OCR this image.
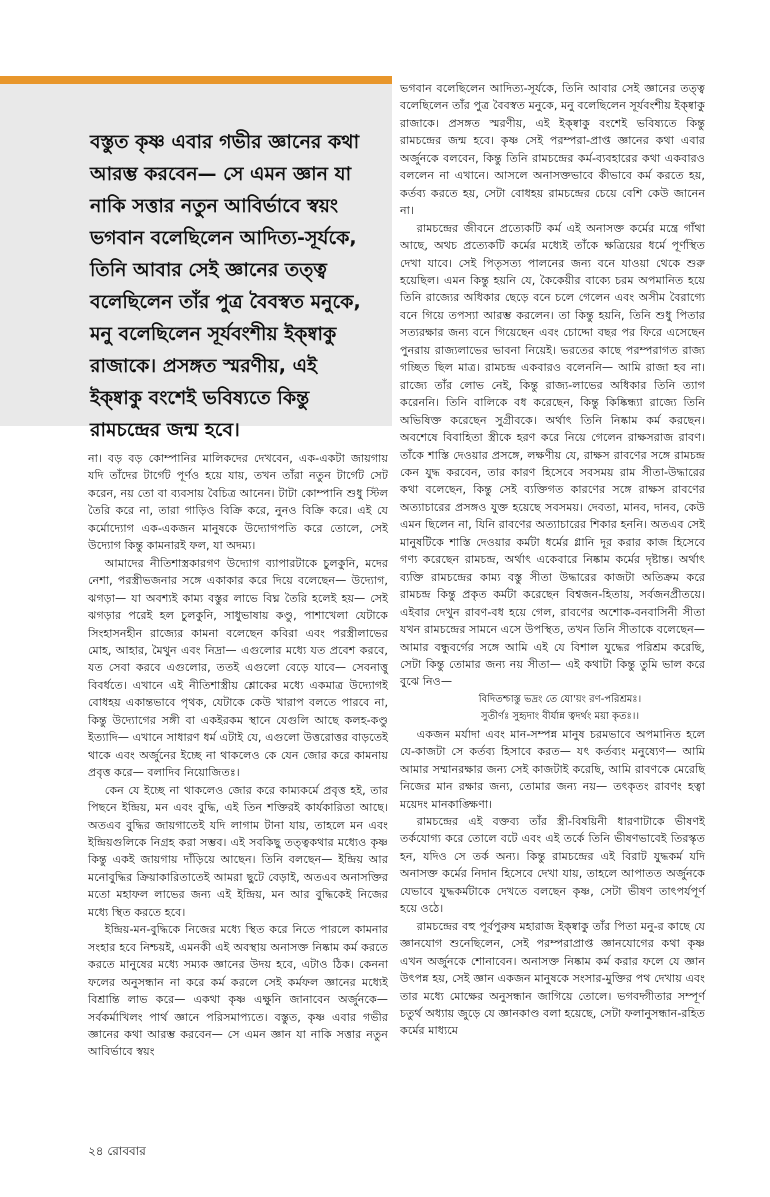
বস্তুত কৃষ্ণ এবার গভীর জ্ঞানের কথা আরম্ভ করবেন— সে এমন জ্ঞান যা নাকি সত্তার নতুন আবির্ভাবে স্বয়ং ভগবান বলেছিলেন আদিত্য-সূর্যকে, তিনি আবার সেই জ্ঞানের তত্ত্ব বলেছিলেন তাঁর পুত্র বৈবস্বত মনুকে, মনু বলেছিলেন সূর্যবংশীয় ইক্ষ্বাকু রাজাকে। প্রসঙ্গত স্মরণীয়, এই ইক্ষ্বাকু বংশেই ভবিষ্যতে কিন্তু রামচন্দ্রের জন্ম হবে।

না। বড় বড় কোম্পানির মালিকদের দেখবেন, এক-একটা জায়গায় যদি তাঁদের টার্গেট পূর্ণও হয়ে যায়, তখন তাঁরা নতুন টার্গেট সেট করেন, নয় তো বা ব্যবসায় বৈচিত্র আনেন। টাটা কোম্পানি শুধু স্টিল তৈরি করে না, তারা গাড়িও বিক্রি করে, নুনও বিক্রি করে। এই যে কর্মোদ্যোগ এক-একজন মানুষকে উদ্যোগপতি করে তোলে, সেই উদ্যোগ কিন্তু কামনারই ফল, যা অদম্য।

আমাদের নীতিশাস্ত্রকারগণ উদ্যোগ ব্যাপারটাকে চুলকুনি, মদের নেশা, পরস্ত্রীভজনার সঙ্গে একাকার করে দিয়ে বলেছেন— উদ্যোগ, ঝগড়া— যা অবশ্যই কাম্য বস্তুর লাভে বিঘ্ন তৈরি হলেই হয়— সেই ঝগড়ার পরেই হল চুলকুনি, সাধুভাষায় কণ্ডু, পাশাখেলা যেটাকে সিংহাসনহীন রাজ্যের কামনা বলেছেন কবিরা এবং পরস্ত্রীলাভের মোহ, আহার, মৈথুন এবং নিদ্রা— এগুলোর মধ্যে যত প্রবেশ করবে, যত সেবা করবে এগুলোর, ততই এগুলো বেড়ে যাবে— সেবনাত্তু বিবর্ধতে। এখানে এই নীতিশাস্ত্রীয় শ্লোকের মধ্যে একমাত্র উদ্যোগই বোধহয় একান্তভাবে পৃথক, যেটাকে কেউ খারাপ বলতে পারবে না, কিন্তু উদ্যোগের সঙ্গী বা একইরকম স্থানে যেগুলি আছে কলহ-কণ্ডু ইত্যাদি— এখানে সাধারণ ধর্ম এটাই যে, এগুলো উত্তরোত্তর বাড়তেই থাকে এবং অর্জুনের ইচ্ছে না থাকলেও কে যেন জোর করে কামনায় প্রবৃত্ত করে— বলাদিব নিয়োজিতঃ।

কেন যে ইচ্ছে না থাকলেও জোর করে কাম্যকর্মে প্রবৃত্ত হই, তার পিছনে ইন্দ্রিয়, মন এবং বুদ্ধি, এই তিন শক্তিরই কার্যকারিতা আছে। অতএব বুদ্ধির জায়গাতেই যদি লাগাম টানা যায়, তাহলে মন এবং ইন্দ্রিয়গুলিকে নিগ্রহ করা সম্ভব। এই সবকিছু তত্ত্বকথার মধ্যেও কৃষ্ণ কিন্তু একই জায়গায় দাঁড়িয়ে আছেন। তিনি বলছেন— ইন্দ্রিয় আর মনোবুদ্ধির ক্রিয়াকারিতাতেই আমরা ছুটে বেড়াই, অতএব অনাসক্তির মতো মহাফল লাভের জন্য এই ইন্দ্রিয়, মন আর বুদ্ধিকেই নিজের মধ্যে স্থিত করতে হবে।

ইন্দ্রিয়-মন-বুদ্ধিকে নিজের মধ্যে স্থিত করে নিতে পারলে কামনার সংহার হবে নিশ্চয়ই, এমনকী এই অবস্থায় অনাসক্ত নিষ্কাম কর্ম করতে করতে মানুষের মধ্যে সম্যক জ্ঞানের উদয় হবে, এটাও ঠিক। কেননা ফলের অনুসন্ধান না করে কর্ম করলে সেই কর্মফল জ্ঞানের মধ্যেই বিশ্রান্তি লাভ করে— একথা কৃষ্ণ এক্ষুনি জানাবেন অর্জুনকে— সর্বকর্মাখিলং পার্থ জ্ঞানে পরিসমাপ্যতে। বস্তুত, কৃষ্ণ এবার গভীর জ্ঞানের কথা আরম্ভ করবেন— সে এমন জ্ঞান যা নাকি সত্তার নতুন আবির্ভাবে স্বয়ং

ভগবান বলেছিলেন আদিত্য-সূর্যকে, তিনি আবার সেই জ্ঞানের তত্ত্ব বলেছিলেন তাঁর পুত্র বৈবস্বত মনুকে, মনু বলেছিলেন সূর্যবংশীয় ইক্ষ্বাকু রাজাকে। প্রসঙ্গত স্মরণীয়, এই ইক্ষ্বাকু বংশেই ভবিষ্যতে কিন্তু রামচন্দ্রের জন্ম হবে। কৃষ্ণ সেই পরম্পরা-প্রাপ্ত জ্ঞানের কথা এবার অর্জুনকে বলবেন, কিন্তু তিনি রামচন্দ্রের কর্ম-ব্যবহারের কথা একবারও বললেন না এখানে। আসলে অনাসক্তভাবে কীভাবে কর্ম করতে হয়, কর্তব্য করতে হয়, সেটা বোধহয় রামচন্দ্রের চেয়ে বেশি কেউ জানেন না।

রামচন্দ্রের জীবনে প্রত্যেকটি কর্ম এই অনাসক্ত কর্মের মন্ত্রে গাঁথা আছে, অথচ প্রত্যেকটি কর্মের মধ্যেই তাঁকে ক্ষত্রিয়ের ধর্মে পূর্ণস্থিত দেখা যাবে। সেই পিতৃসত্য পালনের জন্য বনে যাওয়া থেকে শুরু হয়েছিল। এমন কিন্তু হয়নি যে, কৈকেয়ীর বাক্যে চরম অপমানিত হয়ে তিনি রাজ্যের অধিকার ছেড়ে বনে চলে গেলেন এবং অসীম বৈরাগ্যে বনে গিয়ে তপস্যা আরম্ভ করলেন। তা কিন্তু হয়নি, তিনি শুধু পিতার সত্যরক্ষার জন্য বনে গিয়েছেন এবং চোদ্দো বছর পর ফিরে এসেছেন পুনরায় রাজ্যলাভের ভাবনা নিয়েই। ভরতের কাছে পরম্পরাগত রাজ্য গচ্ছিত ছিল মাত্র। রামচন্দ্র একবারও বলেননি— আমি রাজা হব না। রাজ্যে তাঁর লোভ নেই, কিন্তু রাজ্য-লাভের অধিকার তিনি ত্যাগ করেননি। তিনি বালিকে বধ করেছেন, কিন্তু কিষ্কিন্ধ্যা রাজ্যে তিনি অভিষিক্ত করেছেন সুগ্রীবকে। অর্থাৎ তিনি নিষ্কাম কর্ম করছেন। অবশেষে বিবাহিতা স্ত্রীকে হরণ করে নিয়ে গেলেন রাক্ষসরাজ রাবণ। তাঁকে শাস্তি দেওয়ার প্রসঙ্গে, লক্ষণীয় যে, রাক্ষস রাবণের সঙ্গে রামচন্দ্র কেন যুদ্ধ করবেন, তার কারণ হিসেবে সবসময় রাম সীতা-উদ্ধারের কথা বলেছেন, কিন্তু সেই ব্যক্তিগত কারণের সঙ্গে রাক্ষস রাবণের অত্যাচারের প্রসঙ্গও যুক্ত হয়েছে সবসময়। দেবতা, মানব, দানব, কেউ এমন ছিলেন না, যিনি রাবণের অত্যাচারের শিকার হননি। অতএব সেই মানুষটিকে শাস্তি দেওয়ার কর্মটা ধর্মের গ্লানি দূর করার কাজ হিসেবে গণ্য করেছেন রামচন্দ্র, অর্থাৎ একেবারে নিষ্কাম কর্মের দৃষ্টান্ত। অর্থাৎ ব্যক্তি রামচন্দ্রের কাম্য বস্তু সীতা উদ্ধারের কাজটা অতিক্রম করে রামচন্দ্র কিন্তু প্রকৃত কর্মটা করেছেন বিশ্বজন-হিতায়, সর্বজনপ্রীতয়ে। এইবার দেখুন রাবণ-বধ হয়ে গেল, রাবণের অশোক-বনবাসিনী সীতা যখন রামচন্দ্রের সামনে এসে উপস্থিত, তখন তিনি সীতাকে বলেছেন— আমার বন্ধুবর্গের সঙ্গে আমি এই যে বিশাল যুদ্ধের পরিশ্রম করেছি, সেটা কিন্তু তোমার জন্য নয় সীতা— এই কথাটা কিন্তু তুমি ভাল করে বুঝে নিও—

বিদিতশ্চাস্তু ভদ্রং তে যো'য়ং রণ-পরিশ্রমঃ।

সুতীর্ণঃ সুহৃদাং বীর্যান্ন ত্বদর্থং ময়া কৃতঃ।।

একজন মর্যাদা এবং মান-সম্পন্ন মানুষ চরমভাবে অপমানিত হলে যে-কাজটা সে কর্তব্য হিসাবে করত— যৎ কর্তব্যং মনুষ্যেণ— আমি আমার সম্মানরক্ষার জন্য সেই কাজটাই করেছি, আমি রাবণকে মেরেছি নিজের মান রক্ষার জন্য, তোমার জন্য নয়— তৎকৃতং রাবণং হত্বা ময়েদং মানকাঙ্ক্ষিণা।

রামচন্দ্রের এই বক্তব্য তাঁর স্ত্রী-বিষয়িনী ধারণাটাকে ভীষণই তর্কযোগ্য করে তোলে বটে এবং এই তর্কে তিনি ভীষণভাবেই তিরস্কৃত হন, যদিও সে তর্ক অন্য। কিন্তু রামচন্দ্রের এই বিরাট যুদ্ধকর্ম যদি অনাসক্ত কর্মের নিদান হিসেবে দেখা যায়, তাহলে আপাতত অর্জুনকে যেভাবে যুদ্ধকর্মটাকে দেখতে বলছেন কৃষ্ণ, সেটা ভীষণ তাৎপর্যপূর্ণ হয়ে ওঠে।

রামচন্দ্রের বহু পূর্বপুরুষ মহারাজ ইক্ষ্বাকু তাঁর পিতা মনু-র কাছে যে জ্ঞানযোগ শুনেছিলেন, সেই পরম্পরাপ্রাপ্ত জ্ঞানযোগের কথা কৃষ্ণ এখন অর্জুনকে শোনাবেন। অনাসক্ত নিষ্কাম কর্ম করার ফলে যে জ্ঞান উৎপন্ন হয়, সেই জ্ঞান একজন মানুষকে সংসার-মুক্তির পথ দেখায় এবং তার মধ্যে মোক্ষের অনুসন্ধান জাগিয়ে তোলে। ভগবদ্গীতার সম্পূর্ণ চতুর্থ অধ্যায় জুড়ে যে জ্ঞানকাণ্ড বলা হয়েছে, সেটা ফলানুসন্ধান-রহিত কর্মের মাধ্যমে

২৪ রোববার
